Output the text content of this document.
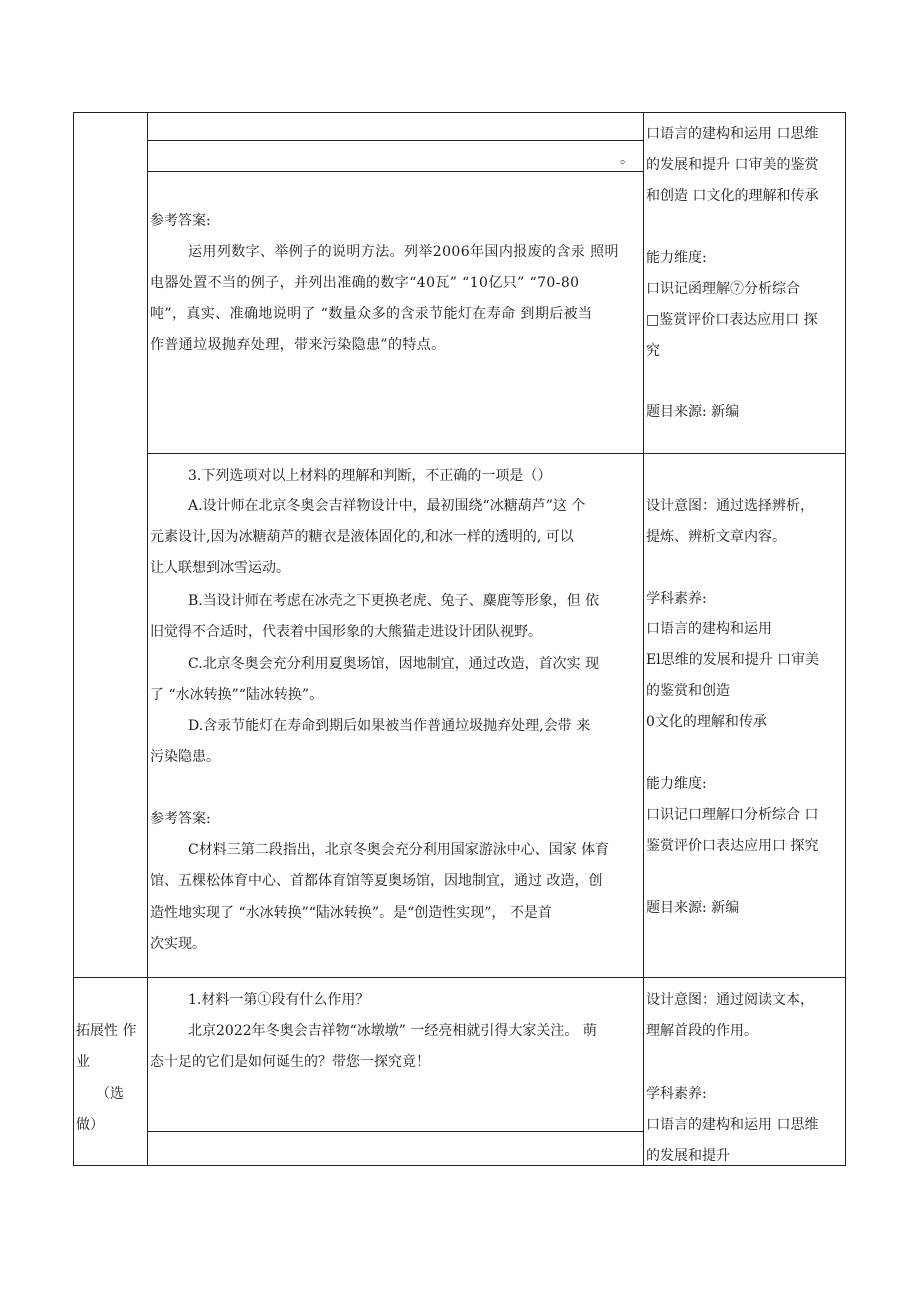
。
参考答案:
运用列数字、举例子的说明方法。列举2006年国内报废的含汞 照明
电器处置不当的例子，并列出准确的数字“40瓦” “10亿只” “70-80
吨”，真实、准确地说明了 “数量众多的含汞节能灯在寿命 到期后被当
作普通垃圾抛弃处理，带来污染隐患”的特点。
口语言的建构和运用 口思维
的发展和提升 口审美的鉴赏
和创造 口文化的理解和传承
能力维度:
口识记函理解⑦分析综合
□鉴赏评价口表达应用口 探
究
题目来源: 新编
3.下列选项对以上材料的理解和判断，不正确的一项是（）
A.设计师在北京冬奥会吉祥物设计中，最初围绕“冰糖葫芦”这 个
元素设计,因为冰糖葫芦的糖衣是液体固化的,和冰一样的透明的, 可以
让人联想到冰雪运动。
B.当设计师在考虑在冰壳之下更换老虎、兔子、麋鹿等形象，但 依
旧觉得不合适时，代表着中国形象的大熊猫走进设计团队视野。
C.北京冬奥会充分利用夏奥场馆，因地制宜，通过改造，首次实 现
了 “水冰转换”“陆冰转换”。
D.含汞节能灯在寿命到期后如果被当作普通垃圾抛弃处理,会带 来
污染隐患。
参考答案:
C材料三第二段指出，北京冬奥会充分利用国家游泳中心、国家 体育
馆、五棵松体育中心、首都体育馆等夏奥场馆，因地制宜，通过 改造，创
造性地实现了 “水冰转换”“陆冰转换”。是“创造性实现”， 不是首
次实现。
设计意图：通过选择辨析，
提炼、辨析文章内容。
学科素养:
口语言的建构和运用
El思维的发展和提升 口审美
的鉴赏和创造
0文化的理解和传承
能力维度:
口识记口理解口分析综合 口
鉴赏评价口表达应用口 探究
题目来源: 新编
拓展性 作
业
（选
做）
1.材料一第①段有什么作用？
北京2022年冬奥会吉祥物“冰墩墩” 一经亮相就引得大家关注。 萌
态十足的它们是如何诞生的？带您一探究竟！
设计意图：通过阅读文本，
理解首段的作用。
学科素养:
口语言的建构和运用 口思维
的发展和提升
